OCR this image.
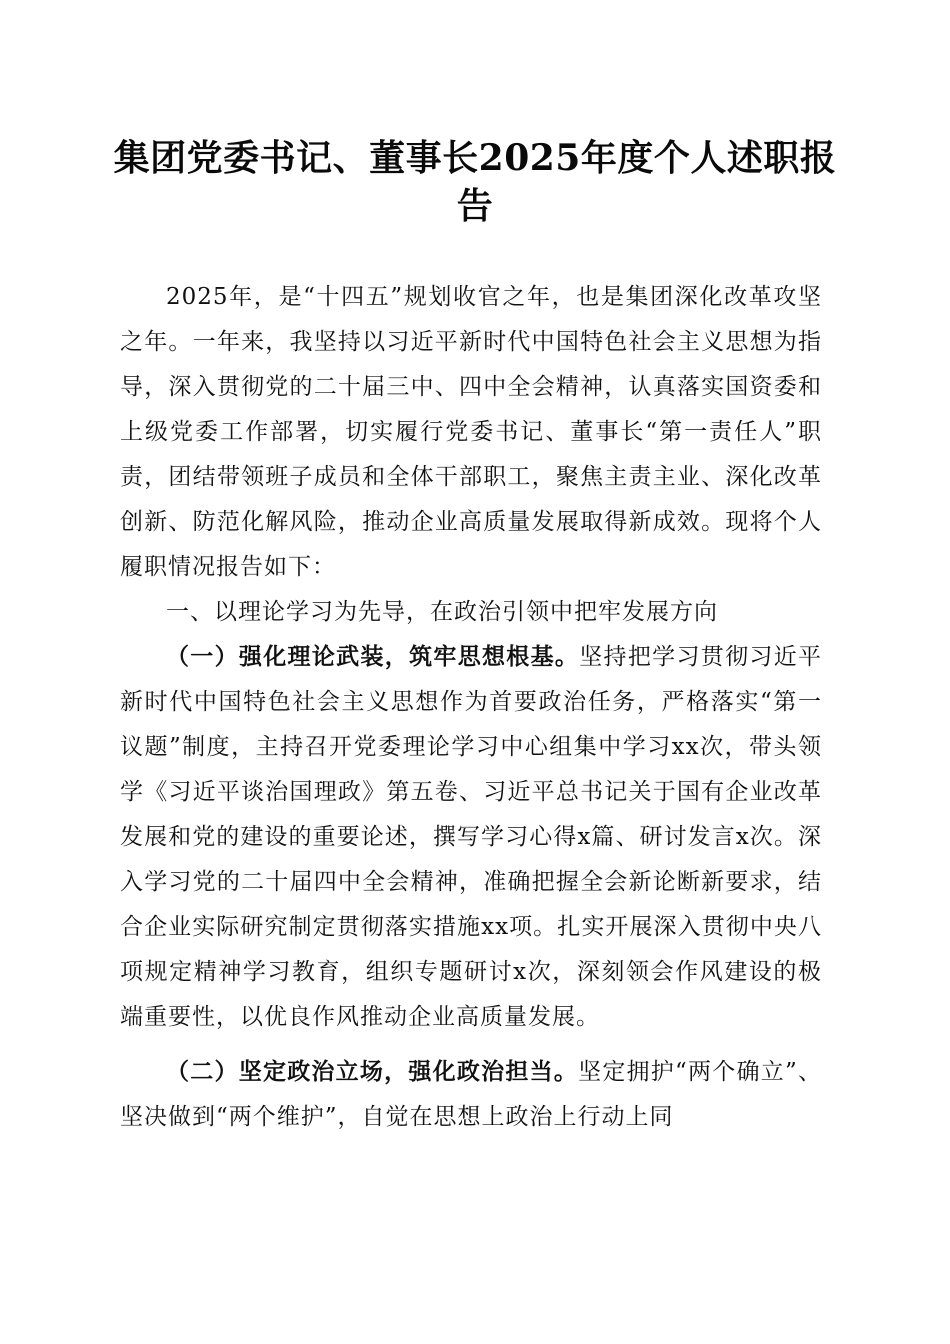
集团党委书记、董事长2025年度个人述职报告

2025年，是“十四五”规划收官之年，也是集团深化改革攻坚之年。一年来，我坚持以习近平新时代中国特色社会主义思想为指导，深入贯彻党的二十届三中、四中全会精神，认真落实国资委和上级党委工作部署，切实履行党委书记、董事长“第一责任人”职责，团结带领班子成员和全体干部职工，聚焦主责主业、深化改革创新、防范化解风险，推动企业高质量发展取得新成效。现将个人履职情况报告如下：

一、以理论学习为先导，在政治引领中把牢发展方向

（一）强化理论武装，筑牢思想根基。坚持把学习贯彻习近平新时代中国特色社会主义思想作为首要政治任务，严格落实“第一议题”制度，主持召开党委理论学习中心组集中学习xx次，带头领学《习近平谈治国理政》第五卷、习近平总书记关于国有企业改革发展和党的建设的重要论述，撰写学习心得x篇、研讨发言x次。深入学习党的二十届四中全会精神，准确把握全会新论断新要求，结合企业实际研究制定贯彻落实措施xx项。扎实开展深入贯彻中央八项规定精神学习教育，组织专题研讨x次，深刻领会作风建设的极端重要性，以优良作风推动企业高质量发展。

（二）坚定政治立场，强化政治担当。坚定拥护“两个确立”、坚决做到“两个维护”，自觉在思想上政治上行动上同
